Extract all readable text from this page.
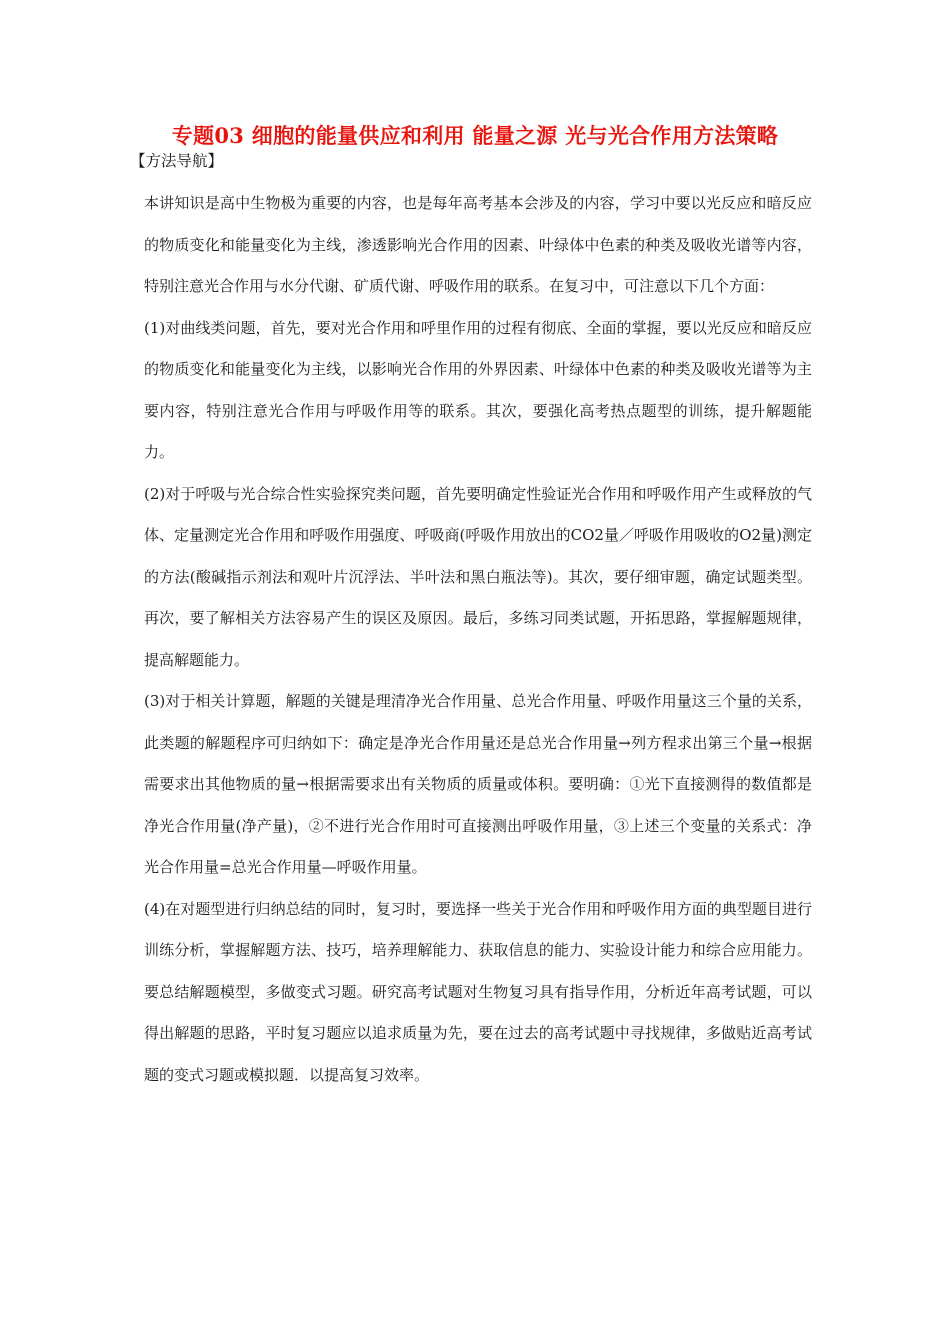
专题03 细胞的能量供应和利用 能量之源 光与光合作用方法策略
【方法导航】

本讲知识是高中生物极为重要的内容，也是每年高考基本会涉及的内容，学习中要以光反应和暗反应的物质变化和能量变化为主线，渗透影响光合作用的因素、叶绿体中色素的种类及吸收光谱等内容，特别注意光合作用与水分代谢、矿质代谢、呼吸作用的联系。在复习中，可注意以下几个方面：

(1)对曲线类问题，首先，要对光合作用和呼里作用的过程有彻底、全面的掌握，要以光反应和暗反应的物质变化和能量变化为主线，以影响光合作用的外界因素、叶绿体中色素的种类及吸收光谱等为主要内容，特别注意光合作用与呼吸作用等的联系。其次，要强化高考热点题型的训练，提升解题能力。

(2)对于呼吸与光合综合性实验探究类问题，首先要明确定性验证光合作用和呼吸作用产生或释放的气体、定量测定光合作用和呼吸作用强度、呼吸商(呼吸作用放出的CO2量／呼吸作用吸收的O2量)测定的方法(酸碱指示剂法和观叶片沉浮法、半叶法和黑白瓶法等)。其次，要仔细审题，确定试题类型。再次，要了解相关方法容易产生的误区及原因。最后，多练习同类试题，开拓思路，掌握解题规律，提高解题能力。

(3)对于相关计算题，解题的关键是理清净光合作用量、总光合作用量、呼吸作用量这三个量的关系，此类题的解题程序可归纳如下：确定是净光合作用量还是总光合作用量→列方程求出第三个量→根据需要求出其他物质的量→根据需要求出有关物质的质量或体积。要明确：①光下直接测得的数值都是净光合作用量(净产量)，②不进行光合作用时可直接测出呼吸作用量，③上述三个变量的关系式：净光合作用量=总光合作用量—呼吸作用量。

(4)在对题型进行归纳总结的同时，复习时，要选择一些关于光合作用和呼吸作用方面的典型题目进行训练分析，掌握解题方法、技巧，培养理解能力、获取信息的能力、实验设计能力和综合应用能力。要总结解题模型，多做变式习题。研究高考试题对生物复习具有指导作用，分析近年高考试题，可以得出解题的思路，平时复习题应以追求质量为先，要在过去的高考试题中寻找规律，多做贴近高考试题的变式习题或模拟题．以提高复习效率。
